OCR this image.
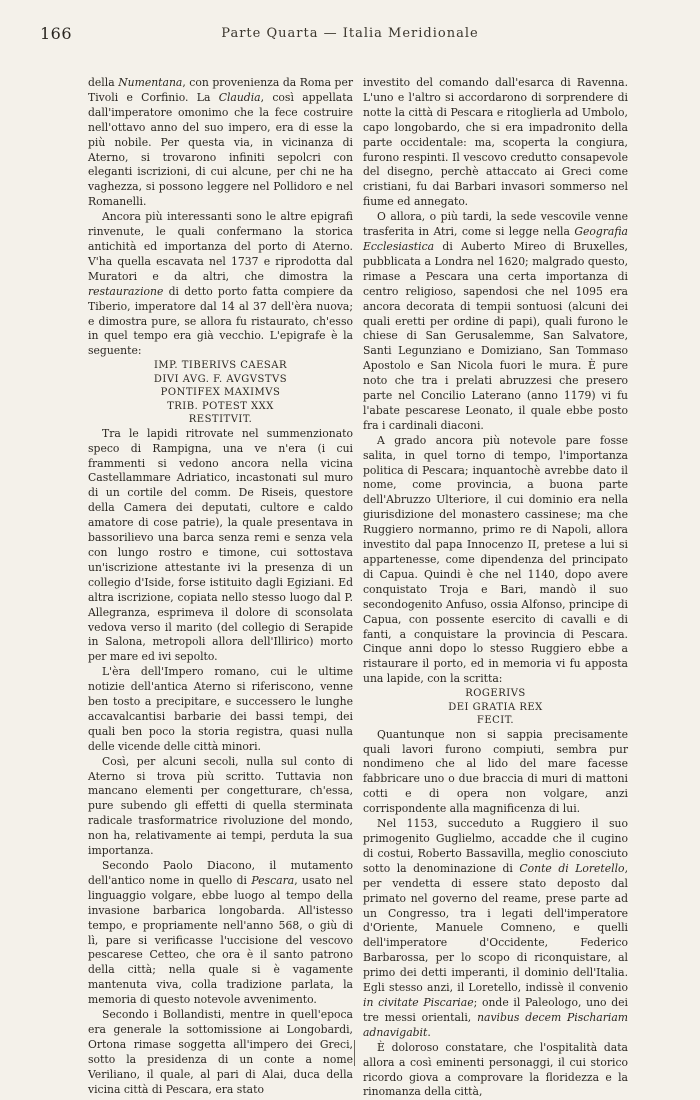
166	Parte Quarta — Italia Meridionale

della Numentana, con provenienza da Roma per Tivoli e Corfinio. La Claudia, così appellata dall'imperatore omonimo che la fece costruire nell'ottavo anno del suo impero, era di esse la più nobile. Per questa via, in vicinanza di Aterno, si trovarono infiniti sepolcri con eleganti iscrizioni, di cui alcune, per chi ne ha vaghezza, si possono leggere nel Pollidoro e nel Romanelli.

Ancora più interessanti sono le altre epigrafi rinvenute, le quali confermano la storica antichità ed importanza del porto di Aterno. V'ha quella escavata nel 1737 e riprodotta dal Muratori e da altri, che dimostra la restaurazione di detto porto fatta compiere da Tiberio, imperatore dal 14 al 37 dell'èra nuova; e dimostra pure, se allora fu ristaurato, ch'esso in quel tempo era già vecchio. L'epigrafe è la seguente:

IMP. TIBERIVS CAESAR
DIVI AVG. F. AVGVSTVS
PONTIFEX MAXIMVS
TRIB. POTEST XXX
RESTITVIT.

Tra le lapidi ritrovate nel summenzionato speco di Rampigna, una ve n'era (i cui frammenti si vedono ancora nella vicina Castellammare Adriatico, incastonati sul muro di un cortile del comm. De Riseis, questore della Camera dei deputati, cultore e caldo amatore di cose patrie), la quale presentava in bassorilievo una barca senza remi e senza vela con lungo rostro e timone, cui sottostava un'iscrizione attestante ivi la presenza di un collegio d'Iside, forse istituito dagli Egiziani. Ed altra iscrizione, copiata nello stesso luogo dal P. Allegranza, esprimeva il dolore di sconsolata vedova verso il marito (del collegio di Serapide in Salona, metropoli allora dell'Illirico) morto per mare ed ivi sepolto.

L'èra dell'Impero romano, cui le ultime notizie dell'antica Aterno si riferiscono, venne ben tosto a precipitare, e successero le lunghe accavalcantisi barbarie dei bassi tempi, dei quali ben poco la storia registra, quasi nulla delle vicende delle città minori.

Così, per alcuni secoli, nulla sul conto di Aterno si trova più scritto. Tuttavia non mancano elementi per congetturare, ch'essa, pure subendo gli effetti di quella sterminata radicale trasformatrice rivoluzione del mondo, non ha, relativamente ai tempi, perduta la sua importanza.

Secondo Paolo Diacono, il mutamento dell'antico nome in quello di Pescara, usato nel linguaggio volgare, ebbe luogo al tempo della invasione barbarica longobarda. All'istesso tempo, e propriamente nell'anno 568, o giù di lì, pare si verificasse l'uccisione del vescovo pescarese Cetteo, che ora è il santo patrono della città; nella quale si è vagamente mantenuta viva, colla tradizione parlata, la memoria di questo notevole avvenimento.

Secondo i Bollandisti, mentre in quell'epoca era generale la sottomissione ai Longobardi, Ortona rimase soggetta all'impero dei Greci, sotto la presidenza di un conte a nome Veriliano, il quale, al pari di Alai, duca della vicina città di Pescara, era stato

investito del comando dall'esarca di Ravenna. L'uno e l'altro si accordarono di sorprendere di notte la città di Pescara e ritoglierla ad Umbolo, capo longobardo, che si era impadronito della parte occidentale: ma, scoperta la congiura, furono respinti. Il vescovo credutto consapevole del disegno, perchè attaccato ai Greci come cristiani, fu dai Barbari invasori sommerso nel fiume ed annegato.

O allora, o più tardi, la sede vescovile venne trasferita in Atri, come si legge nella Geografia Ecclesiastica di Auberto Mireo di Bruxelles, pubblicata a Londra nel 1620; malgrado questo, rimase a Pescara una certa importanza di centro religioso, sapendosi che nel 1095 era ancora decorata di tempii sontuosi (alcuni dei quali eretti per ordine di papi), quali furono le chiese di San Gerusalemme, San Salvatore, Santi Legunziano e Domiziano, San Tommaso Apostolo e San Nicola fuori le mura. È pure noto che tra i prelati abruzzesi che presero parte nel Concilio Laterano (anno 1179) vi fu l'abate pescarese Leonato, il quale ebbe posto fra i cardinali diaconi.

A grado ancora più notevole pare fosse salita, in quel torno di tempo, l'importanza politica di Pescara; inquantochè avrebbe dato il nome, come provincia, a buona parte dell'Abruzzo Ulteriore, il cui dominio era nella giurisdizione del monastero cassinese; ma che Ruggiero normanno, primo re di Napoli, allora investito dal papa Innocenzo II, pretese a lui si appartenesse, come dipendenza del principato di Capua. Quindi è che nel 1140, dopo avere conquistato Troja e Bari, mandò il suo secondogenito Anfuso, ossia Alfonso, principe di Capua, con possente esercito di cavalli e di fanti, a conquistare la provincia di Pescara. Cinque anni dopo lo stesso Ruggiero ebbe a ristaurare il porto, ed in memoria vi fu apposta una lapide, con la scritta:

ROGERIVS
DEI GRATIA REX
FECIT.

Quantunque non si sappia precisamente quali lavori furono compiuti, sembra pur nondimeno che al lido del mare facesse fabbricare uno o due braccia di muri di mattoni cotti e di opera non volgare, anzi corrispondente alla magnificenza di lui.

Nel 1153, succeduto a Ruggiero il suo primogenito Guglielmo, accadde che il cugino di costui, Roberto Bassavilla, meglio conosciuto sotto la denominazione di Conte di Loretello, per vendetta di essere stato deposto dal primato nel governo del reame, prese parte ad un Congresso, tra i legati dell'imperatore d'Oriente, Manuele Comneno, e quelli dell'imperatore d'Occidente, Federico Barbarossa, per lo scopo di riconquistare, al primo dei detti imperanti, il dominio dell'Italia. Egli stesso anzi, il Loretello, indissè il convenio in civitate Piscariae; onde il Paleologo, uno dei tre messi orientali, navibus decem Pischariam adnavigabit.

È doloroso constatare, che l'ospitalità data allora a così eminenti personaggi, il cui storico ricordo giova a comprovare la floridezza e la rinomanza della città,
